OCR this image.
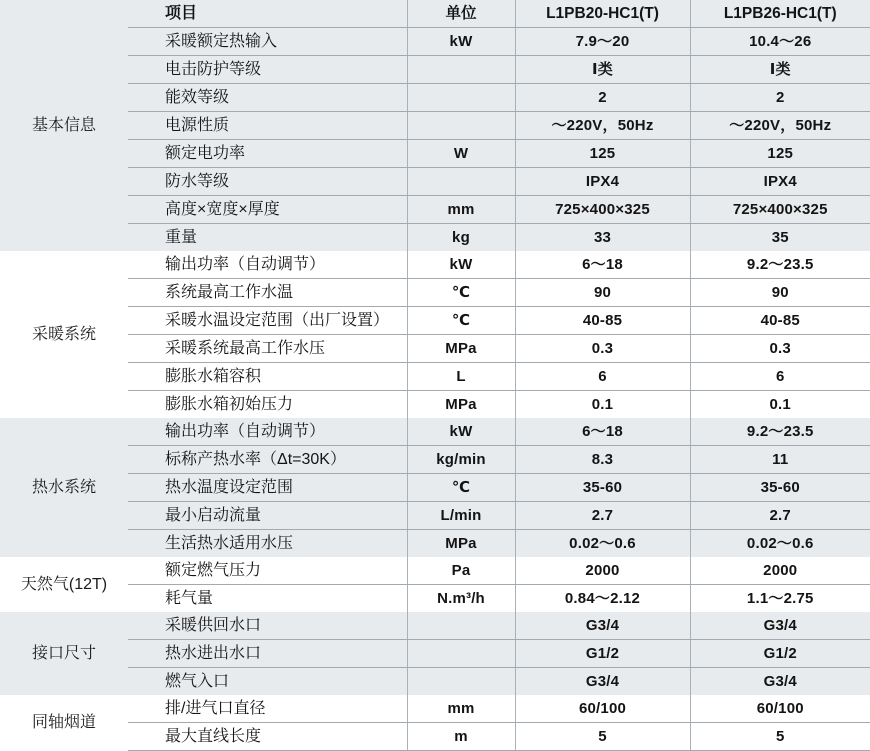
基本信息	项目	单位	L1PB20-HC1(T)	L1PB26-HC1(T)
	采暖额定热输入	kW	7.9～20	10.4～26
	电击防护等级		Ⅰ类	Ⅰ类
	能效等级		2	2
	电源性质		～220V，50Hz	～220V，50Hz
	额定电功率	W	125	125
	防水等级		IPX4	IPX4
	高度×宽度×厚度	mm	725×400×325	725×400×325
	重量	kg	33	35
采暖系统	输出功率（自动调节）	kW	6～18	9.2～23.5
	系统最高工作水温	℃	90	90
	采暖水温设定范围（出厂设置）	℃	40-85	40-85
	采暖系统最高工作水压	MPa	0.3	0.3
	膨胀水箱容积	L	6	6
	膨胀水箱初始压力	MPa	0.1	0.1
热水系统	输出功率（自动调节）	kW	6～18	9.2～23.5
	标称产热水率（Δt=30K）	kg/min	8.3	11
	热水温度设定范围	℃	35-60	35-60
	最小启动流量	L/min	2.7	2.7
	生活热水适用水压	MPa	0.02～0.6	0.02～0.6
天然气(12T)	额定燃气压力	Pa	2000	2000
	耗气量	N.m³/h	0.84～2.12	1.1～2.75
接口尺寸	采暖供回水口		G3/4	G3/4
	热水进出水口		G1/2	G1/2
	燃气入口		G3/4	G3/4
同轴烟道	排/进气口直径	mm	60/100	60/100
	最大直线长度	m	5	5
